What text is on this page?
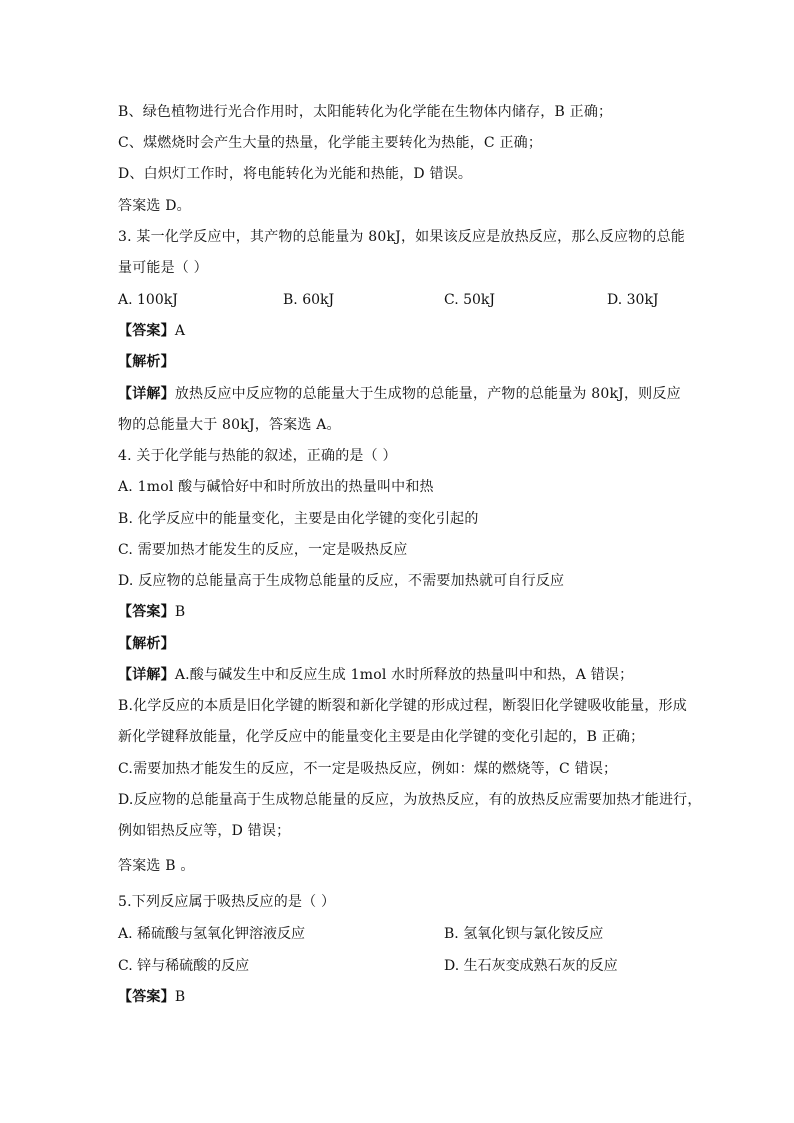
B、绿色植物进行光合作用时，太阳能转化为化学能在生物体内储存，B 正确；
C、煤燃烧时会产生大量的热量，化学能主要转化为热能，C 正确；
D、白炽灯工作时，将电能转化为光能和热能，D 错误。
答案选 D。
3. 某一化学反应中，其产物的总能量为 80kJ，如果该反应是放热反应，那么反应物的总能
量可能是（ ）
A. 100kJ	B. 60kJ	C. 50kJ	D. 30kJ
【答案】A
【解析】
【详解】放热反应中反应物的总能量大于生成物的总能量，产物的总能量为 80kJ，则反应
物的总能量大于 80kJ，答案选 A。
4. 关于化学能与热能的叙述，正确的是（ ）
A. 1mol 酸与碱恰好中和时所放出的热量叫中和热
B. 化学反应中的能量变化，主要是由化学键的变化引起的
C. 需要加热才能发生的反应，一定是吸热反应
D. 反应物的总能量高于生成物总能量的反应，不需要加热就可自行反应
【答案】B
【解析】
【详解】A.酸与碱发生中和反应生成 1mol 水时所释放的热量叫中和热，A 错误；
B.化学反应的本质是旧化学键的断裂和新化学键的形成过程，断裂旧化学键吸收能量，形成
新化学键释放能量，化学反应中的能量变化主要是由化学键的变化引起的，B 正确；
C.需要加热才能发生的反应，不一定是吸热反应，例如：煤的燃烧等，C 错误；
D.反应物的总能量高于生成物总能量的反应，为放热反应，有的放热反应需要加热才能进行，
例如铝热反应等，D 错误；
答案选 B 。
5.下列反应属于吸热反应的是（ ）
A. 稀硫酸与氢氧化钾溶液反应	B. 氢氧化钡与氯化铵反应
C. 锌与稀硫酸的反应	D. 生石灰变成熟石灰的反应
【答案】B
